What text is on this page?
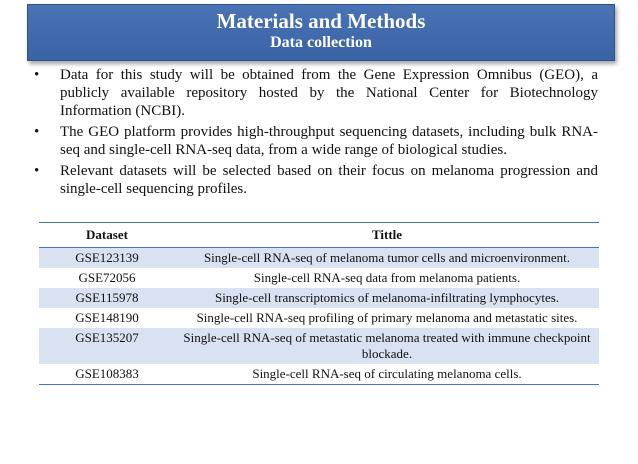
Materials and Methods
Data collection
• Data for this study will be obtained from the Gene Expression Omnibus (GEO), a publicly available repository hosted by the National Center for Biotechnology Information (NCBI).
• The GEO platform provides high-throughput sequencing datasets, including bulk RNA-seq and single-cell RNA-seq data, from a wide range of biological studies.
• Relevant datasets will be selected based on their focus on melanoma progression and single-cell sequencing profiles.
Dataset	Tittle
GSE123139	Single-cell RNA-seq of melanoma tumor cells and microenvironment.
GSE72056	Single-cell RNA-seq data from melanoma patients.
GSE115978	Single-cell transcriptomics of melanoma-infiltrating lymphocytes.
GSE148190	Single-cell RNA-seq profiling of primary melanoma and metastatic sites.
GSE135207	Single-cell RNA-seq of metastatic melanoma treated with immune checkpoint blockade.
GSE108383	Single-cell RNA-seq of circulating melanoma cells.
